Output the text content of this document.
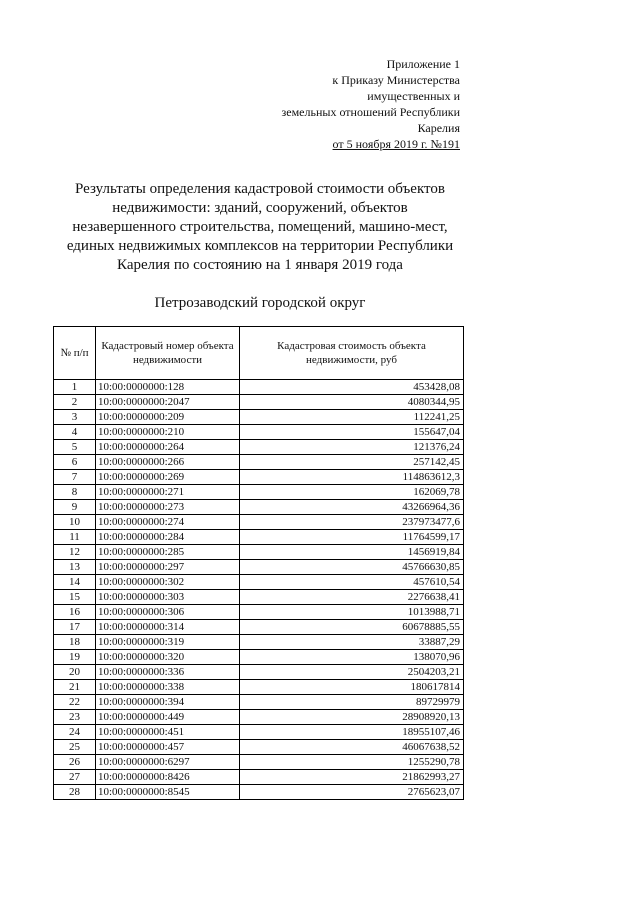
Приложение 1
к Приказу Министерства
имущественных и
земельных отношений Республики
Карелия
от 5 ноября 2019 г. №191
Результаты определения кадастровой стоимости объектов
недвижимости: зданий, сооружений, объектов
незавершенного строительства, помещений, машино-мест,
единых недвижимых комплексов на территории Республики
Карелия по состоянию на 1 января 2019 года
Петрозаводский городской округ
№ п/п	Кадастровый номер объекта недвижимости	Кадастровая стоимость объекта недвижимости, руб
1	10:00:0000000:128	453428,08
2	10:00:0000000:2047	4080344,95
3	10:00:0000000:209	112241,25
4	10:00:0000000:210	155647,04
5	10:00:0000000:264	121376,24
6	10:00:0000000:266	257142,45
7	10:00:0000000:269	114863612,3
8	10:00:0000000:271	162069,78
9	10:00:0000000:273	43266964,36
10	10:00:0000000:274	237973477,6
11	10:00:0000000:284	11764599,17
12	10:00:0000000:285	1456919,84
13	10:00:0000000:297	45766630,85
14	10:00:0000000:302	457610,54
15	10:00:0000000:303	2276638,41
16	10:00:0000000:306	1013988,71
17	10:00:0000000:314	60678885,55
18	10:00:0000000:319	33887,29
19	10:00:0000000:320	138070,96
20	10:00:0000000:336	2504203,21
21	10:00:0000000:338	180617814
22	10:00:0000000:394	89729979
23	10:00:0000000:449	28908920,13
24	10:00:0000000:451	18955107,46
25	10:00:0000000:457	46067638,52
26	10:00:0000000:6297	1255290,78
27	10:00:0000000:8426	21862993,27
28	10:00:0000000:8545	2765623,07
